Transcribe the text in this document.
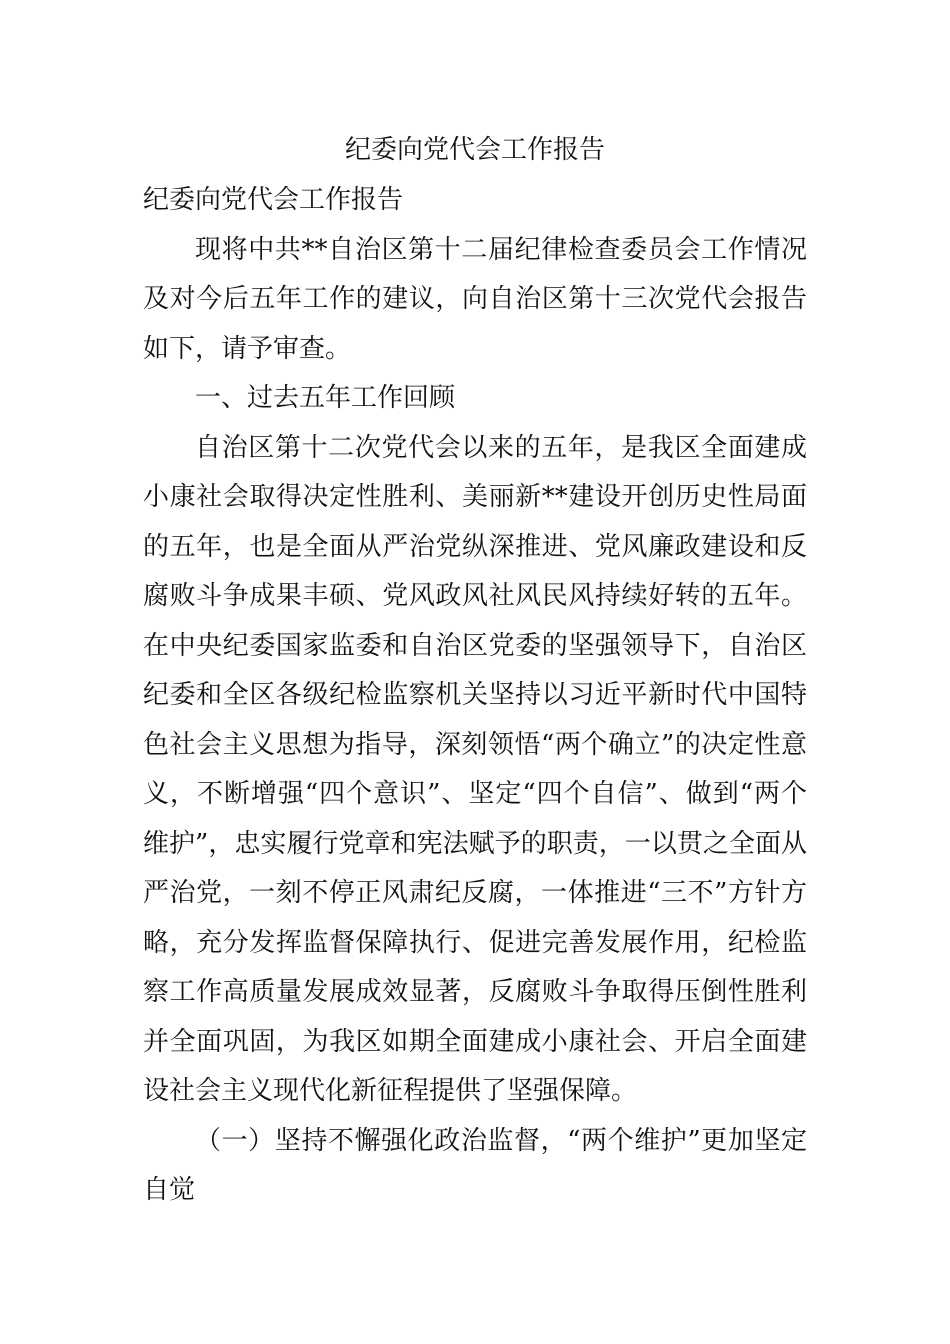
纪委向党代会工作报告

纪委向党代会工作报告

现将中共**自治区第十二届纪律检查委员会工作情况及对今后五年工作的建议，向自治区第十三次党代会报告如下，请予审查。

一、过去五年工作回顾

自治区第十二次党代会以来的五年，是我区全面建成小康社会取得决定性胜利、美丽新**建设开创历史性局面的五年，也是全面从严治党纵深推进、党风廉政建设和反腐败斗争成果丰硕、党风政风社风民风持续好转的五年。在中央纪委国家监委和自治区党委的坚强领导下，自治区纪委和全区各级纪检监察机关坚持以习近平新时代中国特色社会主义思想为指导，深刻领悟“两个确立”的决定性意义，不断增强“四个意识”、坚定“四个自信”、做到“两个维护”，忠实履行党章和宪法赋予的职责，一以贯之全面从严治党，一刻不停正风肃纪反腐，一体推进“三不”方针方略，充分发挥监督保障执行、促进完善发展作用，纪检监察工作高质量发展成效显著，反腐败斗争取得压倒性胜利并全面巩固，为我区如期全面建成小康社会、开启全面建设社会主义现代化新征程提供了坚强保障。

（一）坚持不懈强化政治监督，“两个维护”更加坚定自觉
